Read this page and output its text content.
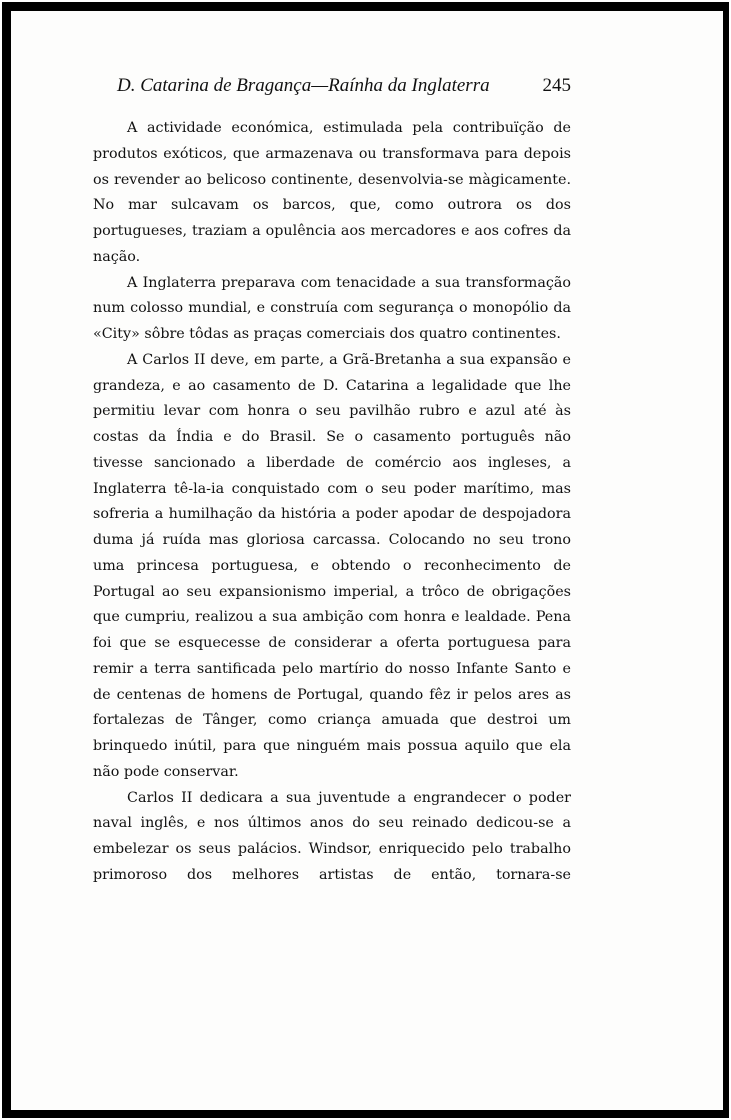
D. Catarina de Bragança—Raínha da Inglaterra	245

A actividade económica, estimulada pela contribuïção de produtos exóticos, que armazenava ou transformava para depois os revender ao belicoso continente, desenvolvia-se màgicamente. No mar sulcavam os barcos, que, como outrora os dos portugueses, traziam a opulência aos mercadores e aos cofres da nação.

A Inglaterra preparava com tenacidade a sua transformação num colosso mundial, e construía com segurança o monopólio da «City» sôbre tôdas as praças comerciais dos quatro continentes.

A Carlos II deve, em parte, a Grã-Bretanha a sua expansão e grandeza, e ao casamento de D. Catarina a legalidade que lhe permitiu levar com honra o seu pavilhão rubro e azul até às costas da Índia e do Brasil. Se o casamento português não tivesse sancionado a liberdade de comércio aos ingleses, a Inglaterra tê-la-ia conquistado com o seu poder marítimo, mas sofreria a humilhação da história a poder apodar de despojadora duma já ruída mas gloriosa carcassa. Colocando no seu trono uma princesa portuguesa, e obtendo o reconhecimento de Portugal ao seu expansionismo imperial, a trôco de obrigações que cumpriu, realizou a sua ambição com honra e lealdade. Pena foi que se esquecesse de considerar a oferta portuguesa para remir a terra santificada pelo martírio do nosso Infante Santo e de centenas de homens de Portugal, quando fêz ir pelos ares as fortalezas de Tânger, como criança amuada que destroi um brinquedo inútil, para que ninguém mais possua aquilo que ela não pode conservar.

Carlos II dedicara a sua juventude a engrandecer o poder naval inglês, e nos últimos anos do seu reinado dedicou-se a embelezar os seus palácios. Windsor, enriquecido pelo trabalho primoroso dos melhores artistas de então, tornara-se
